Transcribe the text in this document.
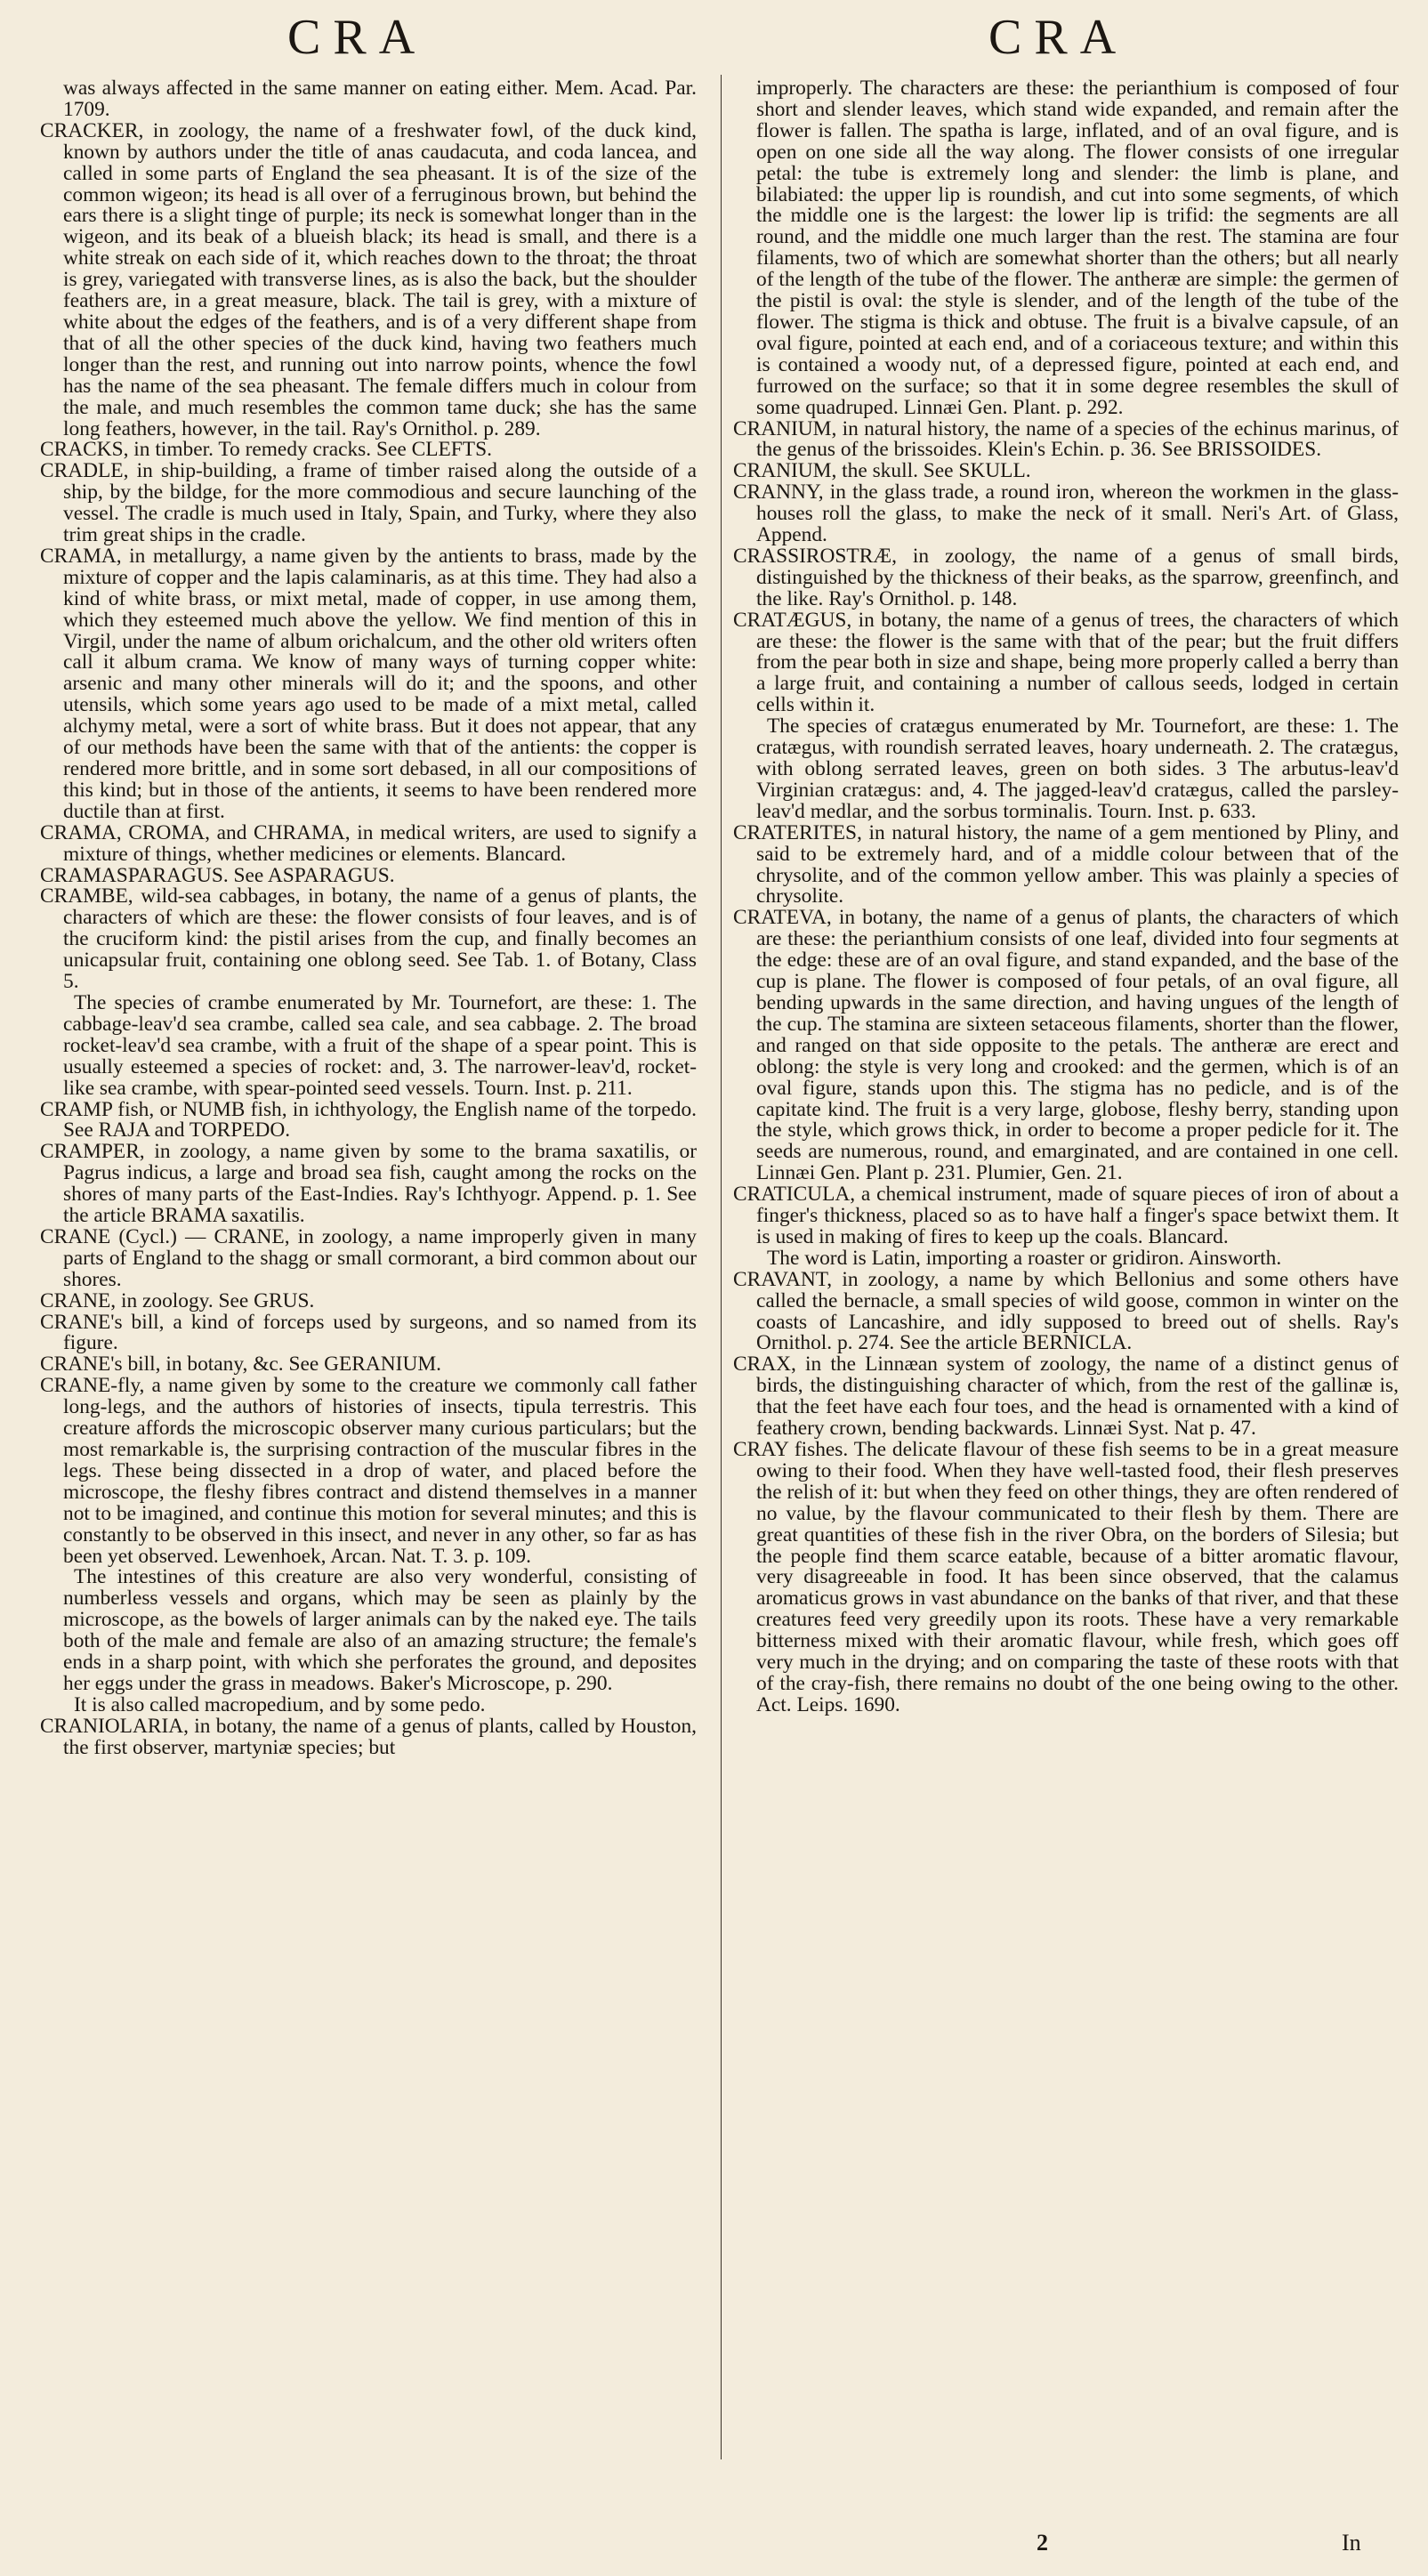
CRA	CRA

was always affected in the same manner on eating either. Mem. Acad. Par. 1709.

CRACKER, in zoology, the name of a freshwater fowl, of the duck kind, known by authors under the title of anas caudacuta, and coda lancea, and called in some parts of England the sea pheasant. It is of the size of the common wigeon; its head is all over of a ferruginous brown, but behind the ears there is a slight tinge of purple; its neck is somewhat longer than in the wigeon, and its beak of a blueish black; its head is small, and there is a white streak on each side of it, which reaches down to the throat; the throat is grey, variegated with transverse lines, as is also the back, but the shoulder feathers are, in a great measure, black. The tail is grey, with a mixture of white about the edges of the feathers, and is of a very different shape from that of all the other species of the duck kind, having two feathers much longer than the rest, and running out into narrow points, whence the fowl has the name of the sea pheasant. The female differs much in colour from the male, and much resembles the common tame duck; she has the same long feathers, however, in the tail. Ray's Ornithol. p. 289.

CRACKS, in timber. To remedy cracks. See CLEFTS.

CRADLE, in ship-building, a frame of timber raised along the outside of a ship, by the bildge, for the more commodious and secure launching of the vessel. The cradle is much used in Italy, Spain, and Turky, where they also trim great ships in the cradle.

CRAMA, in metallurgy, a name given by the antients to brass, made by the mixture of copper and the lapis calaminaris, as at this time. They had also a kind of white brass, or mixt metal, made of copper, in use among them, which they esteemed much above the yellow. We find mention of this in Virgil, under the name of album orichalcum, and the other old writers often call it album crama. We know of many ways of turning copper white: arsenic and many other minerals will do it; and the spoons, and other utensils, which some years ago used to be made of a mixt metal, called alchymy metal, were a sort of white brass. But it does not appear, that any of our methods have been the same with that of the antients: the copper is rendered more brittle, and in some sort debased, in all our compositions of this kind; but in those of the antients, it seems to have been rendered more ductile than at first.

CRAMA, CROMA, and CHRAMA, in medical writers, are used to signify a mixture of things, whether medicines or elements. Blancard.

CRAMASPARAGUS. See ASPARAGUS.

CRAMBE, wild-sea cabbages, in botany, the name of a genus of plants, the characters of which are these: the flower consists of four leaves, and is of the cruciform kind: the pistil arises from the cup, and finally becomes an unicapsular fruit, containing one oblong seed. See Tab. 1. of Botany, Class 5.

The species of crambe enumerated by Mr. Tournefort, are these: 1. The cabbage-leav'd sea crambe, called sea cale, and sea cabbage. 2. The broad rocket-leav'd sea crambe, with a fruit of the shape of a spear point. This is usually esteemed a species of rocket: and, 3. The narrower-leav'd, rocket-like sea crambe, with spear-pointed seed vessels. Tourn. Inst. p. 211.

CRAMP fish, or NUMB fish, in ichthyology, the English name of the torpedo. See RAJA and TORPEDO.

CRAMPER, in zoology, a name given by some to the brama saxatilis, or Pagrus indicus, a large and broad sea fish, caught among the rocks on the shores of many parts of the East-Indies. Ray's Ichthyogr. Append. p. 1. See the article BRAMA saxatilis.

CRANE (Cycl.) — CRANE, in zoology, a name improperly given in many parts of England to the shagg or small cormorant, a bird common about our shores.

CRANE, in zoology. See GRUS.

CRANE's bill, a kind of forceps used by surgeons, and so named from its figure.

CRANE's bill, in botany, &c. See GERANIUM.

CRANE-fly, a name given by some to the creature we commonly call father long-legs, and the authors of histories of insects, tipula terrestris. This creature affords the microscopic observer many curious particulars; but the most remarkable is, the surprising contraction of the muscular fibres in the legs. These being dissected in a drop of water, and placed before the microscope, the fleshy fibres contract and distend themselves in a manner not to be imagined, and continue this motion for several minutes; and this is constantly to be observed in this insect, and never in any other, so far as has been yet observed. Lewenhoek, Arcan. Nat. T. 3. p. 109.

The intestines of this creature are also very wonderful, consisting of numberless vessels and organs, which may be seen as plainly by the microscope, as the bowels of larger animals can by the naked eye. The tails both of the male and female are also of an amazing structure; the female's ends in a sharp point, with which she perforates the ground, and deposites her eggs under the grass in meadows. Baker's Microscope, p. 290.

It is also called macropedium, and by some pedo.

CRANIOLARIA, in botany, the name of a genus of plants, called by Houston, the first observer, martyniæ species; but

improperly. The characters are these: the perianthium is composed of four short and slender leaves, which stand wide expanded, and remain after the flower is fallen. The spatha is large, inflated, and of an oval figure, and is open on one side all the way along. The flower consists of one irregular petal: the tube is extremely long and slender: the limb is plane, and bilabiated: the upper lip is roundish, and cut into some segments, of which the middle one is the largest: the lower lip is trifid: the segments are all round, and the middle one much larger than the rest. The stamina are four filaments, two of which are somewhat shorter than the others; but all nearly of the length of the tube of the flower. The antheræ are simple: the germen of the pistil is oval: the style is slender, and of the length of the tube of the flower. The stigma is thick and obtuse. The fruit is a bivalve capsule, of an oval figure, pointed at each end, and of a coriaceous texture; and within this is contained a woody nut, of a depressed figure, pointed at each end, and furrowed on the surface; so that it in some degree resembles the skull of some quadruped. Linnæi Gen. Plant. p. 292.

CRANIUM, in natural history, the name of a species of the echinus marinus, of the genus of the brissoides. Klein's Echin. p. 36. See BRISSOIDES.

CRANIUM, the skull. See SKULL.

CRANNY, in the glass trade, a round iron, whereon the workmen in the glass-houses roll the glass, to make the neck of it small. Neri's Art. of Glass, Append.

CRASSIROSTRÆ, in zoology, the name of a genus of small birds, distinguished by the thickness of their beaks, as the sparrow, greenfinch, and the like. Ray's Ornithol. p. 148.

CRATÆGUS, in botany, the name of a genus of trees, the characters of which are these: the flower is the same with that of the pear; but the fruit differs from the pear both in size and shape, being more properly called a berry than a large fruit, and containing a number of callous seeds, lodged in certain cells within it.

The species of cratægus enumerated by Mr. Tournefort, are these: 1. The cratægus, with roundish serrated leaves, hoary underneath. 2. The cratægus, with oblong serrated leaves, green on both sides. 3 The arbutus-leav'd Virginian cratægus: and, 4. The jagged-leav'd cratægus, called the parsley-leav'd medlar, and the sorbus torminalis. Tourn. Inst. p. 633.

CRATERITES, in natural history, the name of a gem mentioned by Pliny, and said to be extremely hard, and of a middle colour between that of the chrysolite, and of the common yellow amber. This was plainly a species of chrysolite.

CRATEVA, in botany, the name of a genus of plants, the characters of which are these: the perianthium consists of one leaf, divided into four segments at the edge: these are of an oval figure, and stand expanded, and the base of the cup is plane. The flower is composed of four petals, of an oval figure, all bending upwards in the same direction, and having ungues of the length of the cup. The stamina are sixteen setaceous filaments, shorter than the flower, and ranged on that side opposite to the petals. The antheræ are erect and oblong: the style is very long and crooked: and the germen, which is of an oval figure, stands upon this. The stigma has no pedicle, and is of the capitate kind. The fruit is a very large, globose, fleshy berry, standing upon the style, which grows thick, in order to become a proper pedicle for it. The seeds are numerous, round, and emarginated, and are contained in one cell. Linnæi Gen. Plant p. 231. Plumier, Gen. 21.

CRATICULA, a chemical instrument, made of square pieces of iron of about a finger's thickness, placed so as to have half a finger's space betwixt them. It is used in making of fires to keep up the coals. Blancard.

The word is Latin, importing a roaster or gridiron. Ainsworth.

CRAVANT, in zoology, a name by which Bellonius and some others have called the bernacle, a small species of wild goose, common in winter on the coasts of Lancashire, and idly supposed to breed out of shells. Ray's Ornithol. p. 274. See the article BERNICLA.

CRAX, in the Linnæan system of zoology, the name of a distinct genus of birds, the distinguishing character of which, from the rest of the gallinæ is, that the feet have each four toes, and the head is ornamented with a kind of feathery crown, bending backwards. Linnæi Syst. Nat p. 47.

CRAY fishes. The delicate flavour of these fish seems to be in a great measure owing to their food. When they have well-tasted food, their flesh preserves the relish of it: but when they feed on other things, they are often rendered of no value, by the flavour communicated to their flesh by them. There are great quantities of these fish in the river Obra, on the borders of Silesia; but the people find them scarce eatable, because of a bitter aromatic flavour, very disagreeable in food. It has been since observed, that the calamus aromaticus grows in vast abundance on the banks of that river, and that these creatures feed very greedily upon its roots. These have a very remarkable bitterness mixed with their aromatic flavour, while fresh, which goes off very much in the drying; and on comparing the taste of these roots with that of the cray-fish, there remains no doubt of the one being owing to the other. Act. Leips. 1690.

2	In
